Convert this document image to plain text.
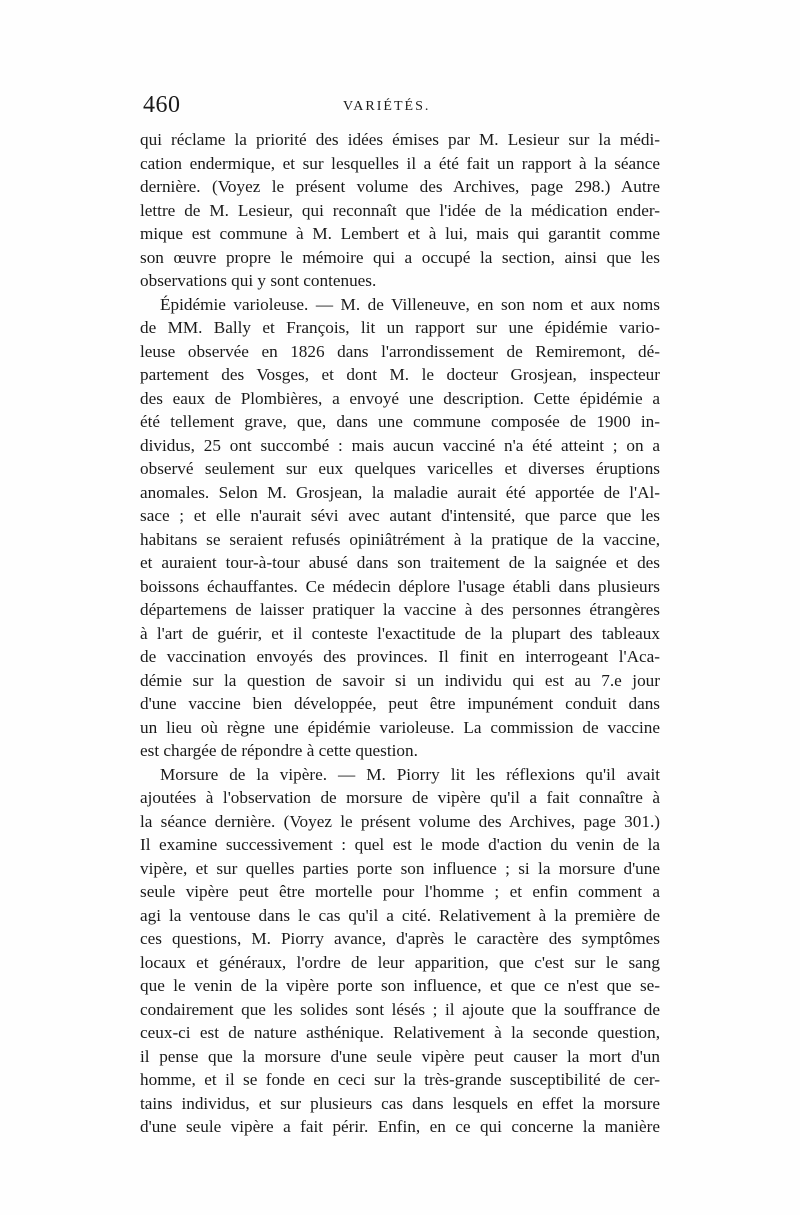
460	VARIÉTÉS.
qui réclame la priorité des idées émises par M. Lesieur sur la médi-
cation endermique, et sur lesquelles il a été fait un rapport à la séance
dernière. (Voyez le présent volume des Archives, page 298.) Autre
lettre de M. Lesieur, qui reconnaît que l'idée de la médication ender-
mique est commune à M. Lembert et à lui, mais qui garantit comme
son œuvre propre le mémoire qui a occupé la section, ainsi que les
observations qui y sont contenues.
Épidémie varioleuse. — M. de Villeneuve, en son nom et aux noms
de MM. Bally et François, lit un rapport sur une épidémie vario-
leuse observée en 1826 dans l'arrondissement de Remiremont, dé-
partement des Vosges, et dont M. le docteur Grosjean, inspecteur
des eaux de Plombières, a envoyé une description. Cette épidémie a
été tellement grave, que, dans une commune composée de 1900 in-
dividus, 25 ont succombé : mais aucun vacciné n'a été atteint ; on a
observé seulement sur eux quelques varicelles et diverses éruptions
anomales. Selon M. Grosjean, la maladie aurait été apportée de l'Al-
sace ; et elle n'aurait sévi avec autant d'intensité, que parce que les
habitans se seraient refusés opiniâtrément à la pratique de la vaccine,
et auraient tour-à-tour abusé dans son traitement de la saignée et des
boissons échauffantes. Ce médecin déplore l'usage établi dans plusieurs
départemens de laisser pratiquer la vaccine à des personnes étrangères
à l'art de guérir, et il conteste l'exactitude de la plupart des tableaux
de vaccination envoyés des provinces. Il finit en interrogeant l'Aca-
démie sur la question de savoir si un individu qui est au 7.e jour
d'une vaccine bien développée, peut être impunément conduit dans
un lieu où règne une épidémie varioleuse. La commission de vaccine
est chargée de répondre à cette question.
Morsure de la vipère. — M. Piorry lit les réflexions qu'il avait
ajoutées à l'observation de morsure de vipère qu'il a fait connaître à
la séance dernière. (Voyez le présent volume des Archives, page 301.)
Il examine successivement : quel est le mode d'action du venin de la
vipère, et sur quelles parties porte son influence ; si la morsure d'une
seule vipère peut être mortelle pour l'homme ; et enfin comment a
agi la ventouse dans le cas qu'il a cité. Relativement à la première de
ces questions, M. Piorry avance, d'après le caractère des symptômes
locaux et généraux, l'ordre de leur apparition, que c'est sur le sang
que le venin de la vipère porte son influence, et que ce n'est que se-
condairement que les solides sont lésés ; il ajoute que la souffrance de
ceux-ci est de nature asthénique. Relativement à la seconde question,
il pense que la morsure d'une seule vipère peut causer la mort d'un
homme, et il se fonde en ceci sur la très-grande susceptibilité de cer-
tains individus, et sur plusieurs cas dans lesquels en effet la morsure
d'une seule vipère a fait périr. Enfin, en ce qui concerne la manière
